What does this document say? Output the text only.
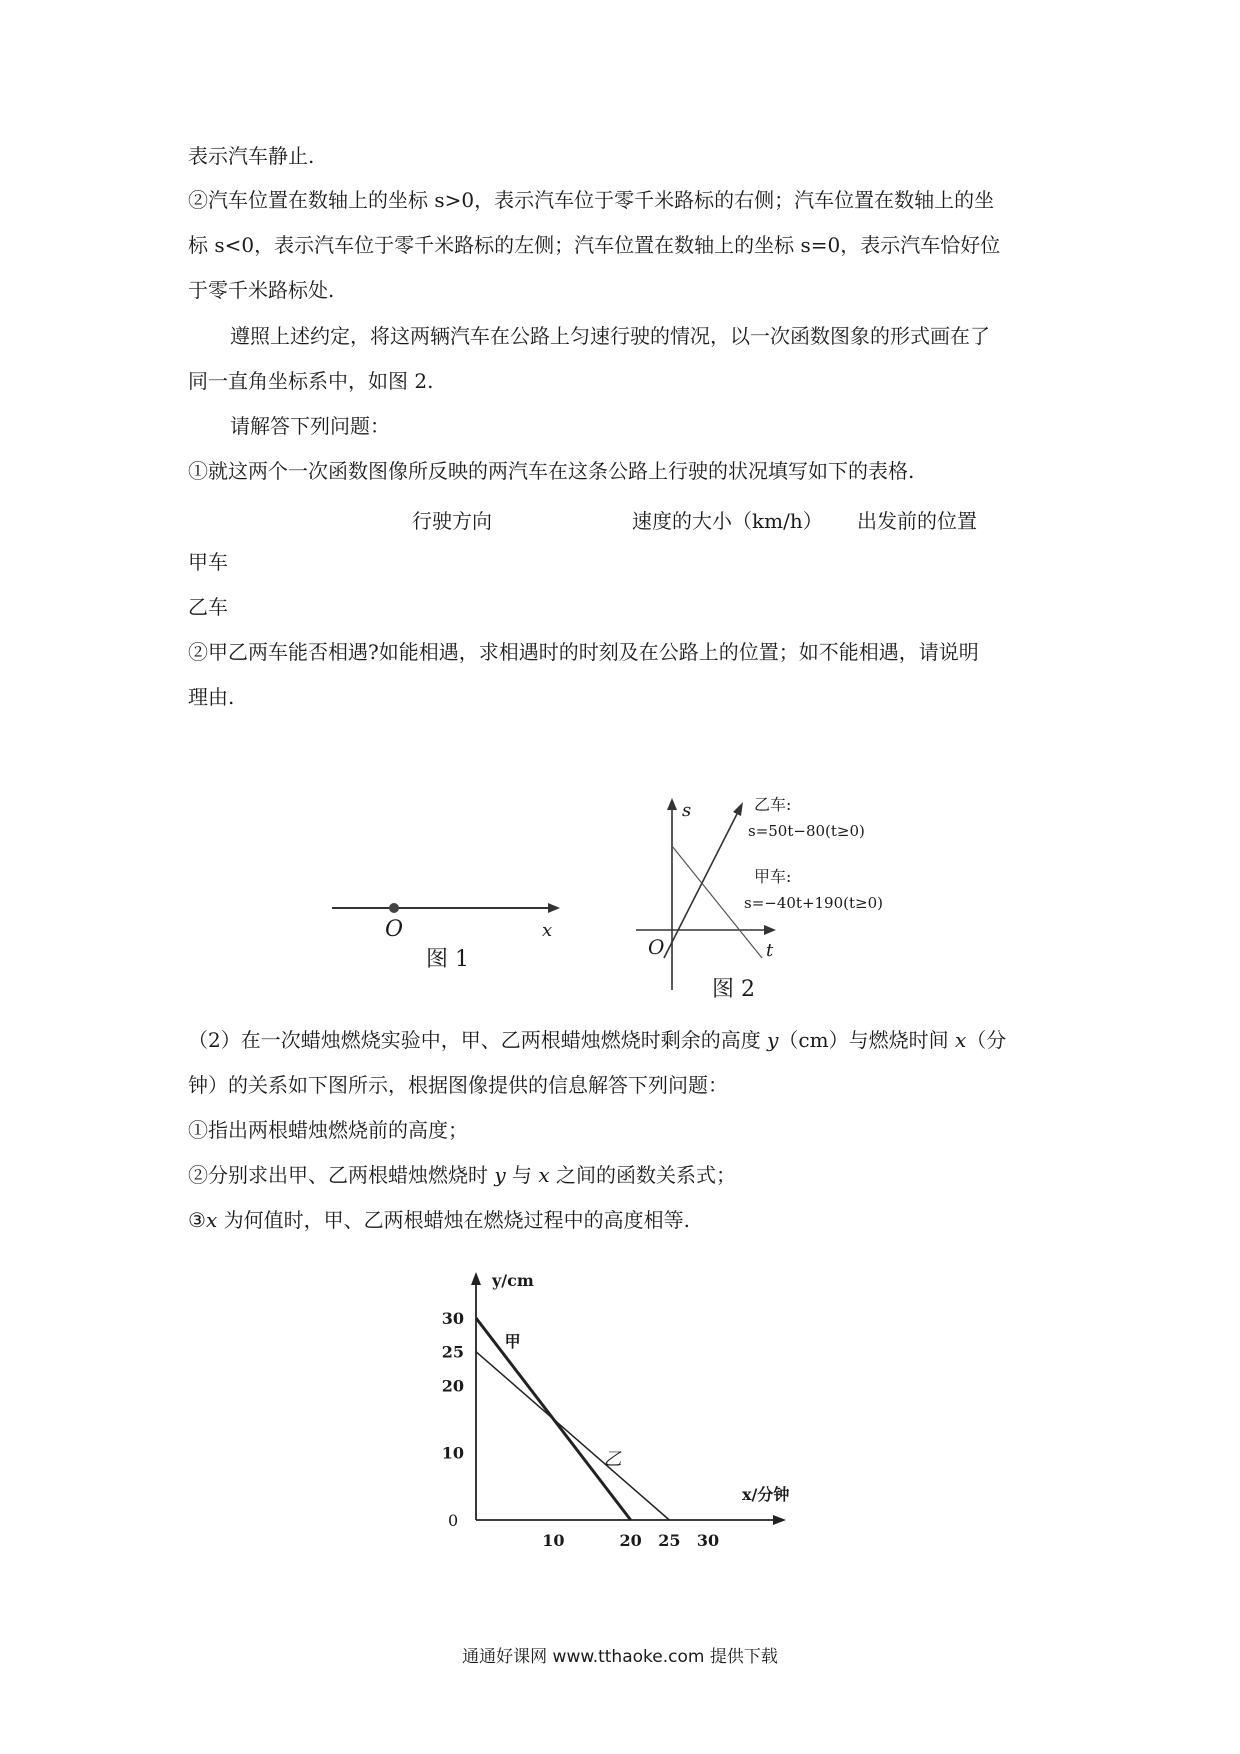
表示汽车静止.
②汽车位置在数轴上的坐标 s>0，表示汽车位于零千米路标的右侧；汽车位置在数轴上的坐
标 s<0，表示汽车位于零千米路标的左侧；汽车位置在数轴上的坐标 s=0，表示汽车恰好位
于零千米路标处.
遵照上述约定，将这两辆汽车在公路上匀速行驶的情况，以一次函数图象的形式画在了
同一直角坐标系中，如图 2.
请解答下列问题：
①就这两个一次函数图像所反映的两汽车在这条公路上行驶的状况填写如下的表格.
行驶方向	速度的大小（km/h） 出发前的位置
甲车
乙车
②甲乙两车能否相遇?如能相遇，求相遇时的时刻及在公路上的位置；如不能相遇，请说明
理由.
O	x
图 1
s
t
O
乙车:
s=50t−80(t≥0)
甲车:
s=−40t+190(t≥0)
图 2
（2）在一次蜡烛燃烧实验中，甲、乙两根蜡烛燃烧时剩余的高度 y（cm）与燃烧时间 x（分
钟）的关系如下图所示，根据图像提供的信息解答下列问题：
①指出两根蜡烛燃烧前的高度；
②分别求出甲、乙两根蜡烛燃烧时 y 与 x 之间的函数关系式；
③x 为何值时，甲、乙两根蜡烛在燃烧过程中的高度相等.
y/cm
x/分钟
0
10	20 25 30
30
25
20
10
甲
乙
通通好课网 www.tthaoke.com 提供下载
